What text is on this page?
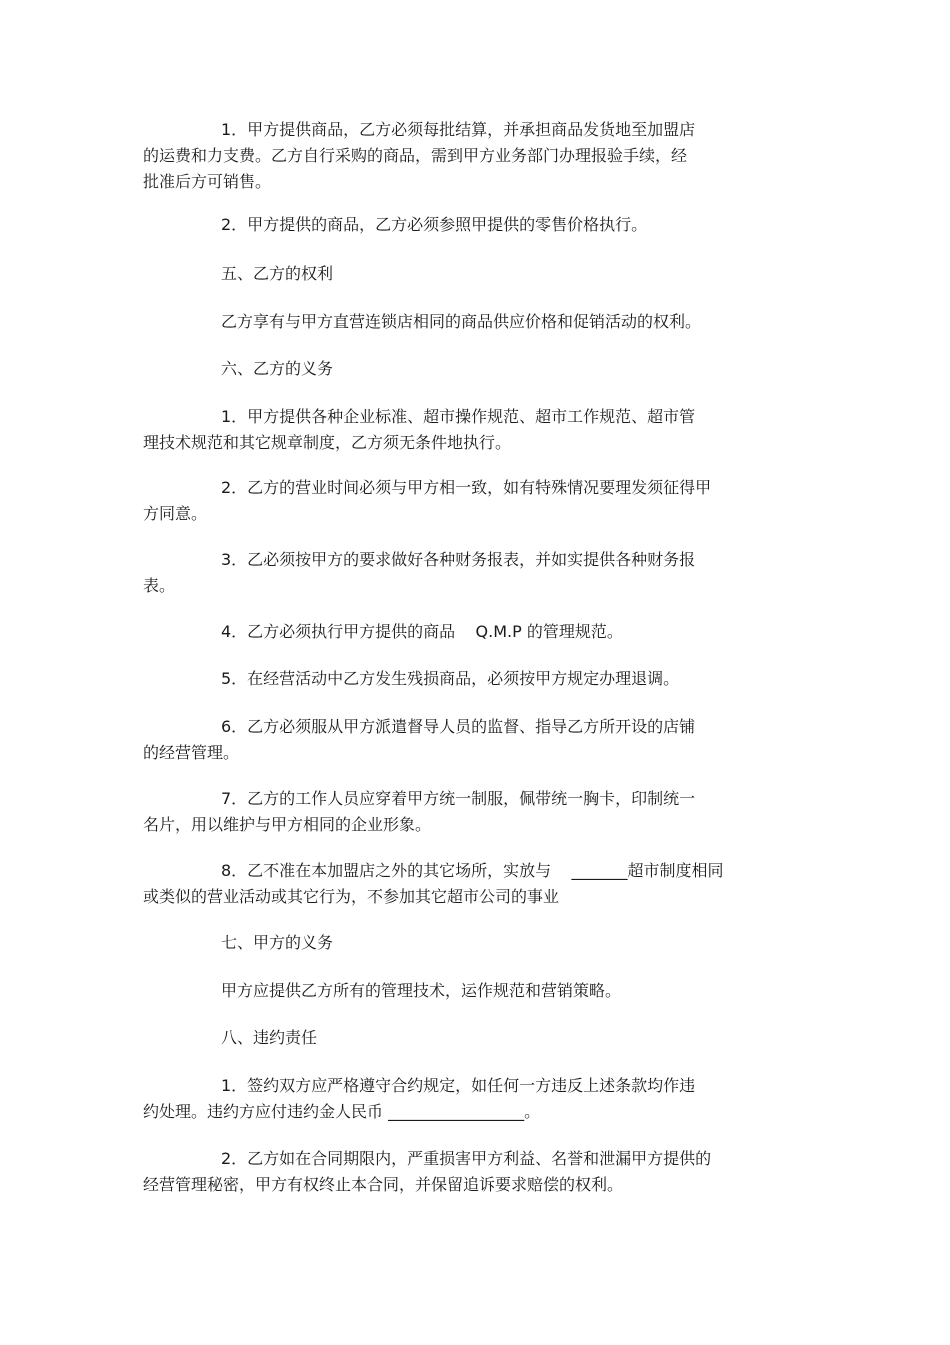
1．甲方提供商品，乙方必须每批结算，并承担商品发货地至加盟店
的运费和力支费。乙方自行采购的商品，需到甲方业务部门办理报验手续，经
批准后方可销售。

2．甲方提供的商品，乙方必须参照甲提供的零售价格执行。

五、乙方的权利

乙方享有与甲方直营连锁店相同的商品供应价格和促销活动的权利。

六、乙方的义务

1．甲方提供各种企业标准、超市操作规范、超市工作规范、超市管
理技术规范和其它规章制度，乙方须无条件地执行。

2．乙方的营业时间必须与甲方相一致，如有特殊情况要理发须征得甲
方同意。

3．乙必须按甲方的要求做好各种财务报表，并如实提供各种财务报
表。

4．乙方必须执行甲方提供的商品    Q.M.P 的管理规范。

5．在经营活动中乙方发生残损商品，必须按甲方规定办理退调。

6．乙方必须服从甲方派遣督导人员的监督、指导乙方所开设的店铺
的经营管理。

7．乙方的工作人员应穿着甲方统一制服，佩带统一胸卡，印制统一
名片，用以维护与甲方相同的企业形象。

8．乙不准在本加盟店之外的其它场所，实放与    _______超市制度相同
或类似的营业活动或其它行为，不参加其它超市公司的事业

七、甲方的义务

甲方应提供乙方所有的管理技术，运作规范和营销策略。

八、违约责任

1．签约双方应严格遵守合约规定，如任何一方违反上述条款均作违
约处理。违约方应付违约金人民币 _________________。

2．乙方如在合同期限内，严重损害甲方利益、名誉和泄漏甲方提供的
经营管理秘密，甲方有权终止本合同，并保留追诉要求赔偿的权利。
